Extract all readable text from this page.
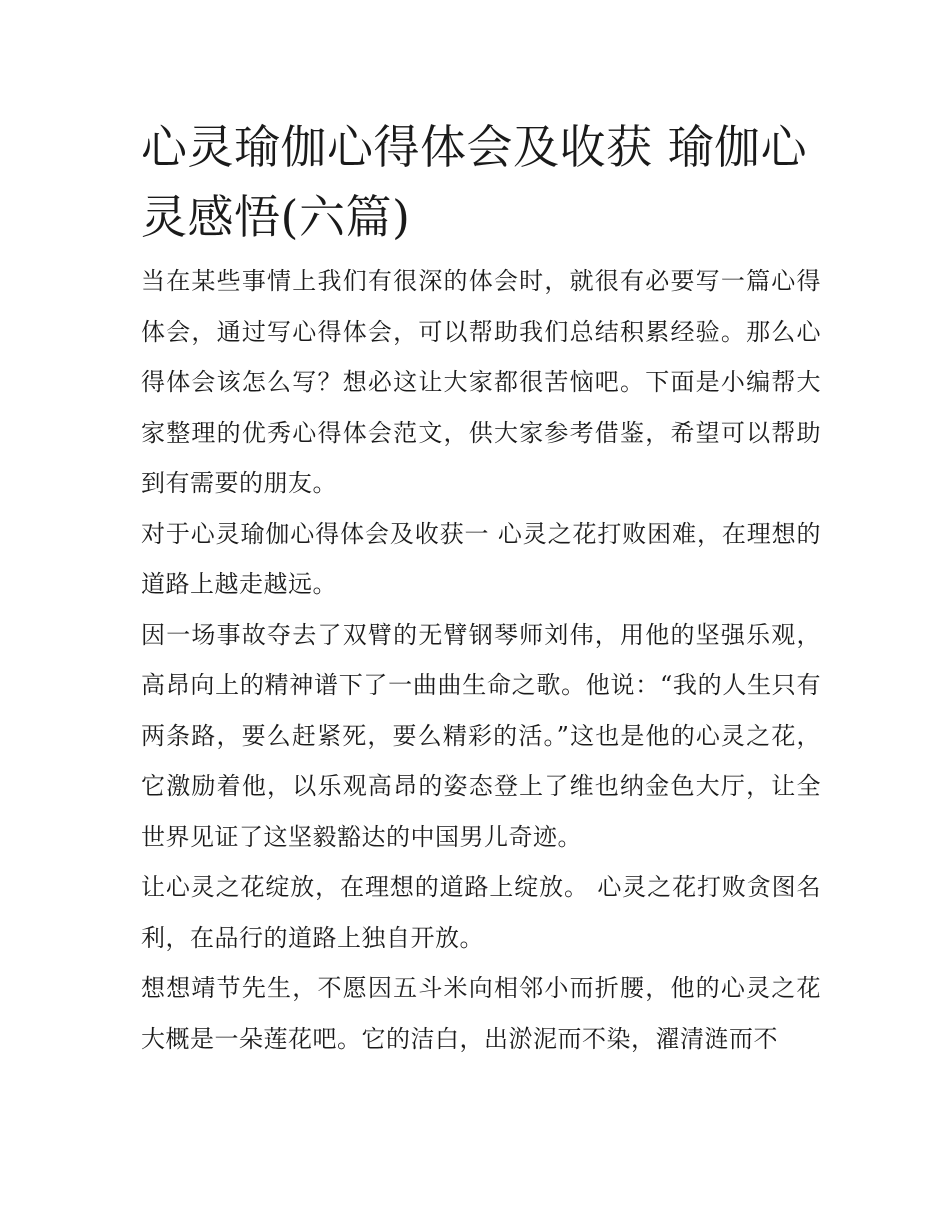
心灵瑜伽心得体会及收获 瑜伽心灵感悟(六篇)

当在某些事情上我们有很深的体会时，就很有必要写一篇心得体会，通过写心得体会，可以帮助我们总结积累经验。那么心得体会该怎么写？想必这让大家都很苦恼吧。下面是小编帮大家整理的优秀心得体会范文，供大家参考借鉴，希望可以帮助到有需要的朋友。

对于心灵瑜伽心得体会及收获一 心灵之花打败困难，在理想的道路上越走越远。

因一场事故夺去了双臂的无臂钢琴师刘伟，用他的坚强乐观，高昂向上的精神谱下了一曲曲生命之歌。他说：“我的人生只有两条路，要么赶紧死，要么精彩的活。”这也是他的心灵之花，它激励着他，以乐观高昂的姿态登上了维也纳金色大厅，让全世界见证了这坚毅豁达的中国男儿奇迹。

让心灵之花绽放，在理想的道路上绽放。 心灵之花打败贪图名利，在品行的道路上独自开放。

想想靖节先生，不愿因五斗米向相邻小而折腰，他的心灵之花大概是一朵莲花吧。它的洁白，出淤泥而不染，濯清涟而不
